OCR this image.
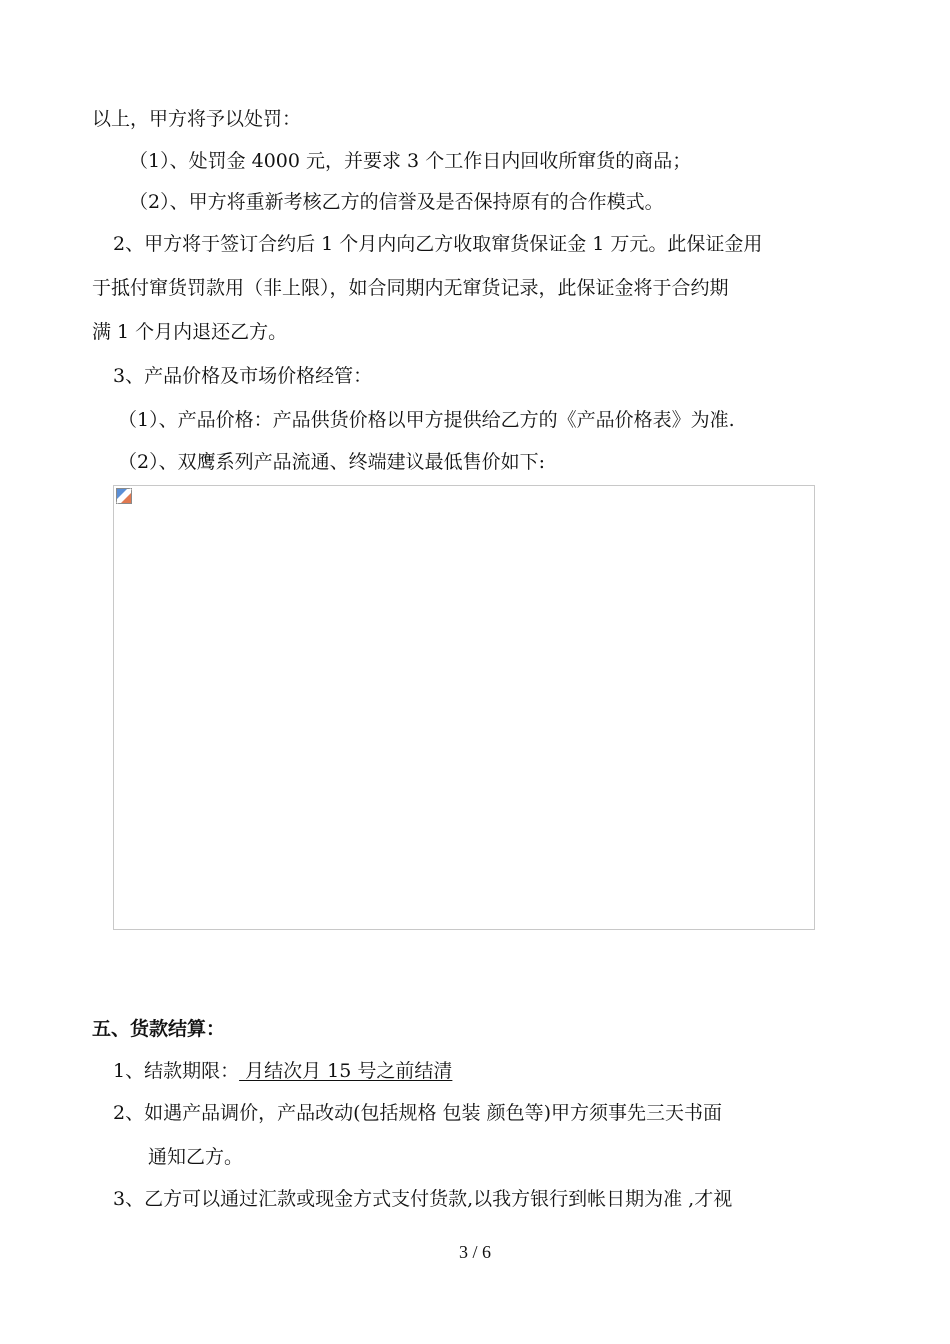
以上，甲方将予以处罚：
（1）、处罚金 4000 元，并要求 3 个工作日内回收所窜货的商品；
（2）、甲方将重新考核乙方的信誉及是否保持原有的合作模式。
2、甲方将于签订合约后 1 个月内向乙方收取窜货保证金 1 万元。此保证金用
于抵付窜货罚款用（非上限），如合同期内无窜货记录，此保证金将于合约期
满 1 个月内退还乙方。
3、产品价格及市场价格经管：
（1）、产品价格：产品供货价格以甲方提供给乙方的《产品价格表》为准.
（2）、双鹰系列产品流通、终端建议最低售价如下:
五、货款结算：
1、结款期限： 月结次月 15 号之前结清
2、如遇产品调价，产品改动(包括规格 包装 颜色等)甲方须事先三天书面
通知乙方。
3、乙方可以通过汇款或现金方式支付货款,以我方银行到帐日期为准 ,才视
3 / 6
